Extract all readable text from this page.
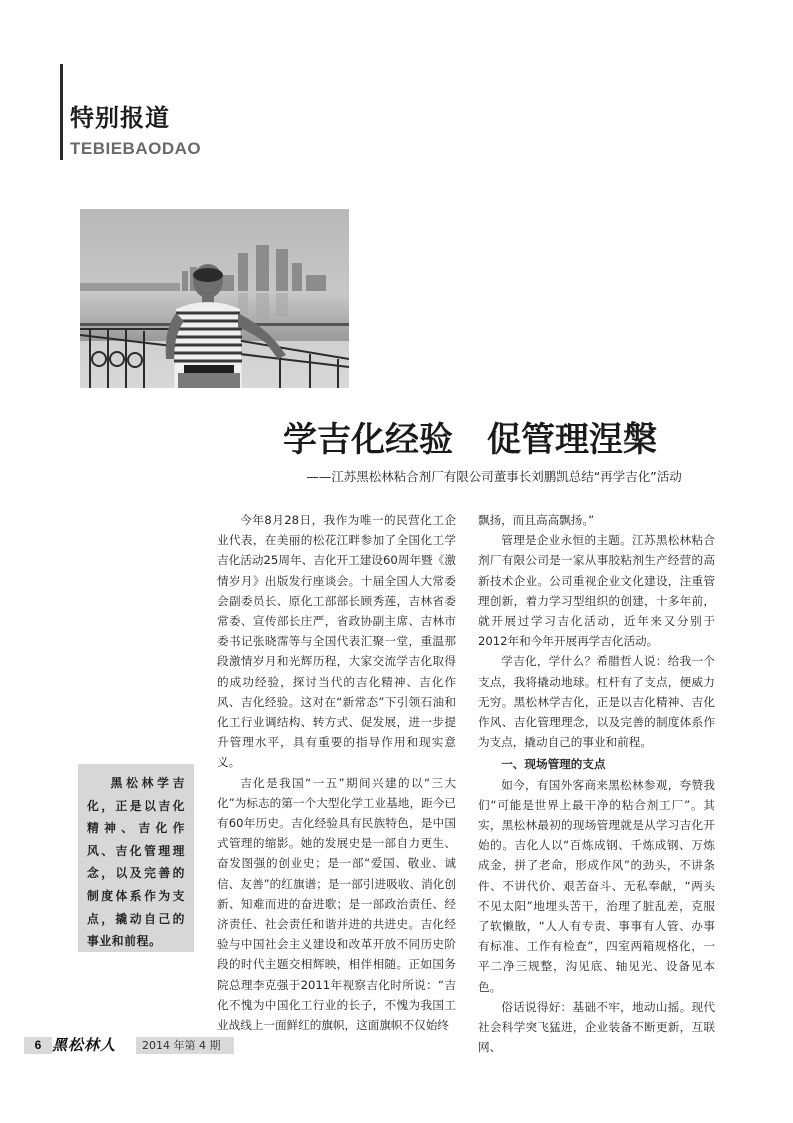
特别报道
TEBIEBAODAO
学吉化经验　促管理涅槃
——江苏黑松林粘合剂厂有限公司董事长刘鹏凯总结“再学吉化”活动
黑松林学吉化，正是以吉化精神、吉化作风、吉化管理理念，以及完善的制度体系作为支点，撬动自己的事业和前程。

今年8月28日，我作为唯一的民营化工企业代表，在美丽的松花江畔参加了全国化工学吉化活动25周年、吉化开工建设60周年暨《激情岁月》出版发行座谈会。十届全国人大常委会副委员长、原化工部部长顾秀莲，吉林省委常委、宣传部长庄严，省政协副主席、吉林市委书记张晓霈等与全国代表汇聚一堂，重温那段激情岁月和光辉历程，大家交流学吉化取得的成功经验，探讨当代的吉化精神、吉化作风、吉化经验。这对在“新常态”下引领石油和化工行业调结构、转方式、促发展，进一步提升管理水平，具有重要的指导作用和现实意义。

吉化是我国“一五”期间兴建的以“三大化”为标志的第一个大型化学工业基地，距今已有60年历史。吉化经验具有民族特色，是中国式管理的缩影。她的发展史是一部自力更生、奋发图强的创业史；是一部“爱国、敬业、诚信、友善”的红旗谱；是一部引进吸收、消化创新、知难而进的奋进歌；是一部政治责任、经济责任、社会责任和谐并进的共进史。吉化经验与中国社会主义建设和改革开放不同历史阶段的时代主题交相辉映，相伴相随。正如国务院总理李克强于2011年视察吉化时所说：“吉化不愧为中国化工行业的长子，不愧为我国工业战线上一面鲜红的旗帜，这面旗帜不仅始终

飘扬，而且高高飘扬。”

管理是企业永恒的主题。江苏黑松林粘合剂厂有限公司是一家从事胶粘剂生产经营的高新技术企业。公司重视企业文化建设，注重管理创新，着力学习型组织的创建，十多年前，就开展过学习吉化活动，近年来又分别于2012年和今年开展再学吉化活动。

学吉化，学什么？希腊哲人说：给我一个支点，我将撬动地球。杠杆有了支点，便威力无穷。黑松林学吉化，正是以吉化精神、吉化作风、吉化管理理念，以及完善的制度体系作为支点，撬动自己的事业和前程。

一、现场管理的支点

如今，有国外客商来黑松林参观，夸赞我们“可能是世界上最干净的粘合剂工厂”。其实，黑松林最初的现场管理就是从学习吉化开始的。吉化人以“百炼成钢、千炼成钢、万炼成金，拼了老命，形成作风”的劲头，不讲条件、不讲代价、艰苦奋斗、无私奉献，“两头不见太阳”地埋头苦干，治理了脏乱差，克服了软懒散，“人人有专责、事事有人管、办事有标准、工作有检查”，四室两箱规格化，一平二净三规整，沟见底、轴见光、设备见本色。

俗话说得好：基础不牢，地动山摇。现代社会科学突飞猛进，企业装备不断更新，互联网、

6 黑松林人	2014 年第 4 期
